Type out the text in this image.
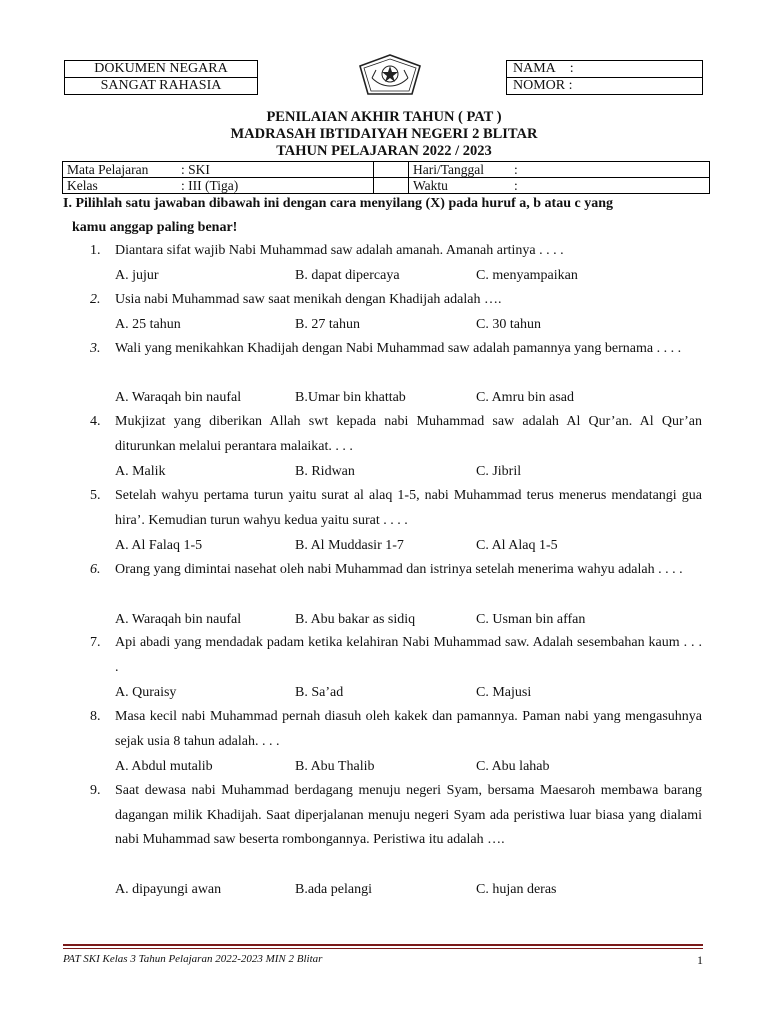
DOKUMEN NEGARA
SANGAT RAHASIA
NAMA :
NOMOR :
PENILAIAN AKHIR TAHUN ( PAT )
MADRASAH IBTIDAIYAH NEGERI 2 BLITAR
TAHUN PELAJARAN 2022 / 2023
Mata Pelajaran : SKI		Hari/Tanggal :
Kelas : III (Tiga)		Waktu :
I. Pilihlah satu jawaban dibawah ini dengan cara menyilang (X) pada huruf a, b atau c yang
kamu anggap paling benar!
1.	Diantara sifat wajib Nabi Muhammad saw adalah amanah. Amanah artinya . . . .
A. jujur	B. dapat dipercaya	C. menyampaikan
2.	Usia nabi Muhammad saw saat menikah dengan Khadijah adalah ….
A. 25 tahun	B. 27 tahun	C. 30 tahun
3.	Wali yang menikahkan Khadijah dengan Nabi Muhammad saw adalah pamannya yang bernama . . . .
A. Waraqah bin naufal	B.Umar bin khattab	C. Amru bin asad
4.	Mukjizat yang diberikan Allah swt kepada nabi Muhammad saw adalah Al Qur’an. Al Qur’an diturunkan melalui perantara malaikat. . . .
A. Malik	B. Ridwan	C. Jibril
5.	Setelah wahyu pertama turun yaitu surat al alaq 1-5, nabi Muhammad terus menerus mendatangi gua hira’. Kemudian turun wahyu kedua yaitu surat . . . .
A. Al Falaq 1-5	B. Al Muddasir 1-7	C. Al Alaq 1-5
6.	Orang yang dimintai nasehat oleh nabi Muhammad dan istrinya setelah menerima wahyu adalah . . . .
A. Waraqah bin naufal	B. Abu bakar as sidiq	C. Usman bin affan
7.	Api abadi yang mendadak padam ketika kelahiran Nabi Muhammad saw. Adalah sesembahan kaum . . . .
A. Quraisy	B. Sa’ad	C. Majusi
8.	Masa kecil nabi Muhammad pernah diasuh oleh kakek dan pamannya. Paman nabi yang mengasuhnya sejak usia 8 tahun adalah. . . .
A. Abdul mutalib	B. Abu Thalib	C. Abu lahab
9.	Saat dewasa nabi Muhammad berdagang menuju negeri Syam, bersama Maesaroh membawa barang dagangan milik Khadijah. Saat diperjalanan menuju negeri Syam ada peristiwa luar biasa yang dialami nabi Muhammad saw beserta rombongannya. Peristiwa itu adalah ….
A. dipayungi awan	B.ada pelangi	C. hujan deras
PAT SKI Kelas 3 Tahun Pelajaran 2022-2023 MIN 2 Blitar	1
